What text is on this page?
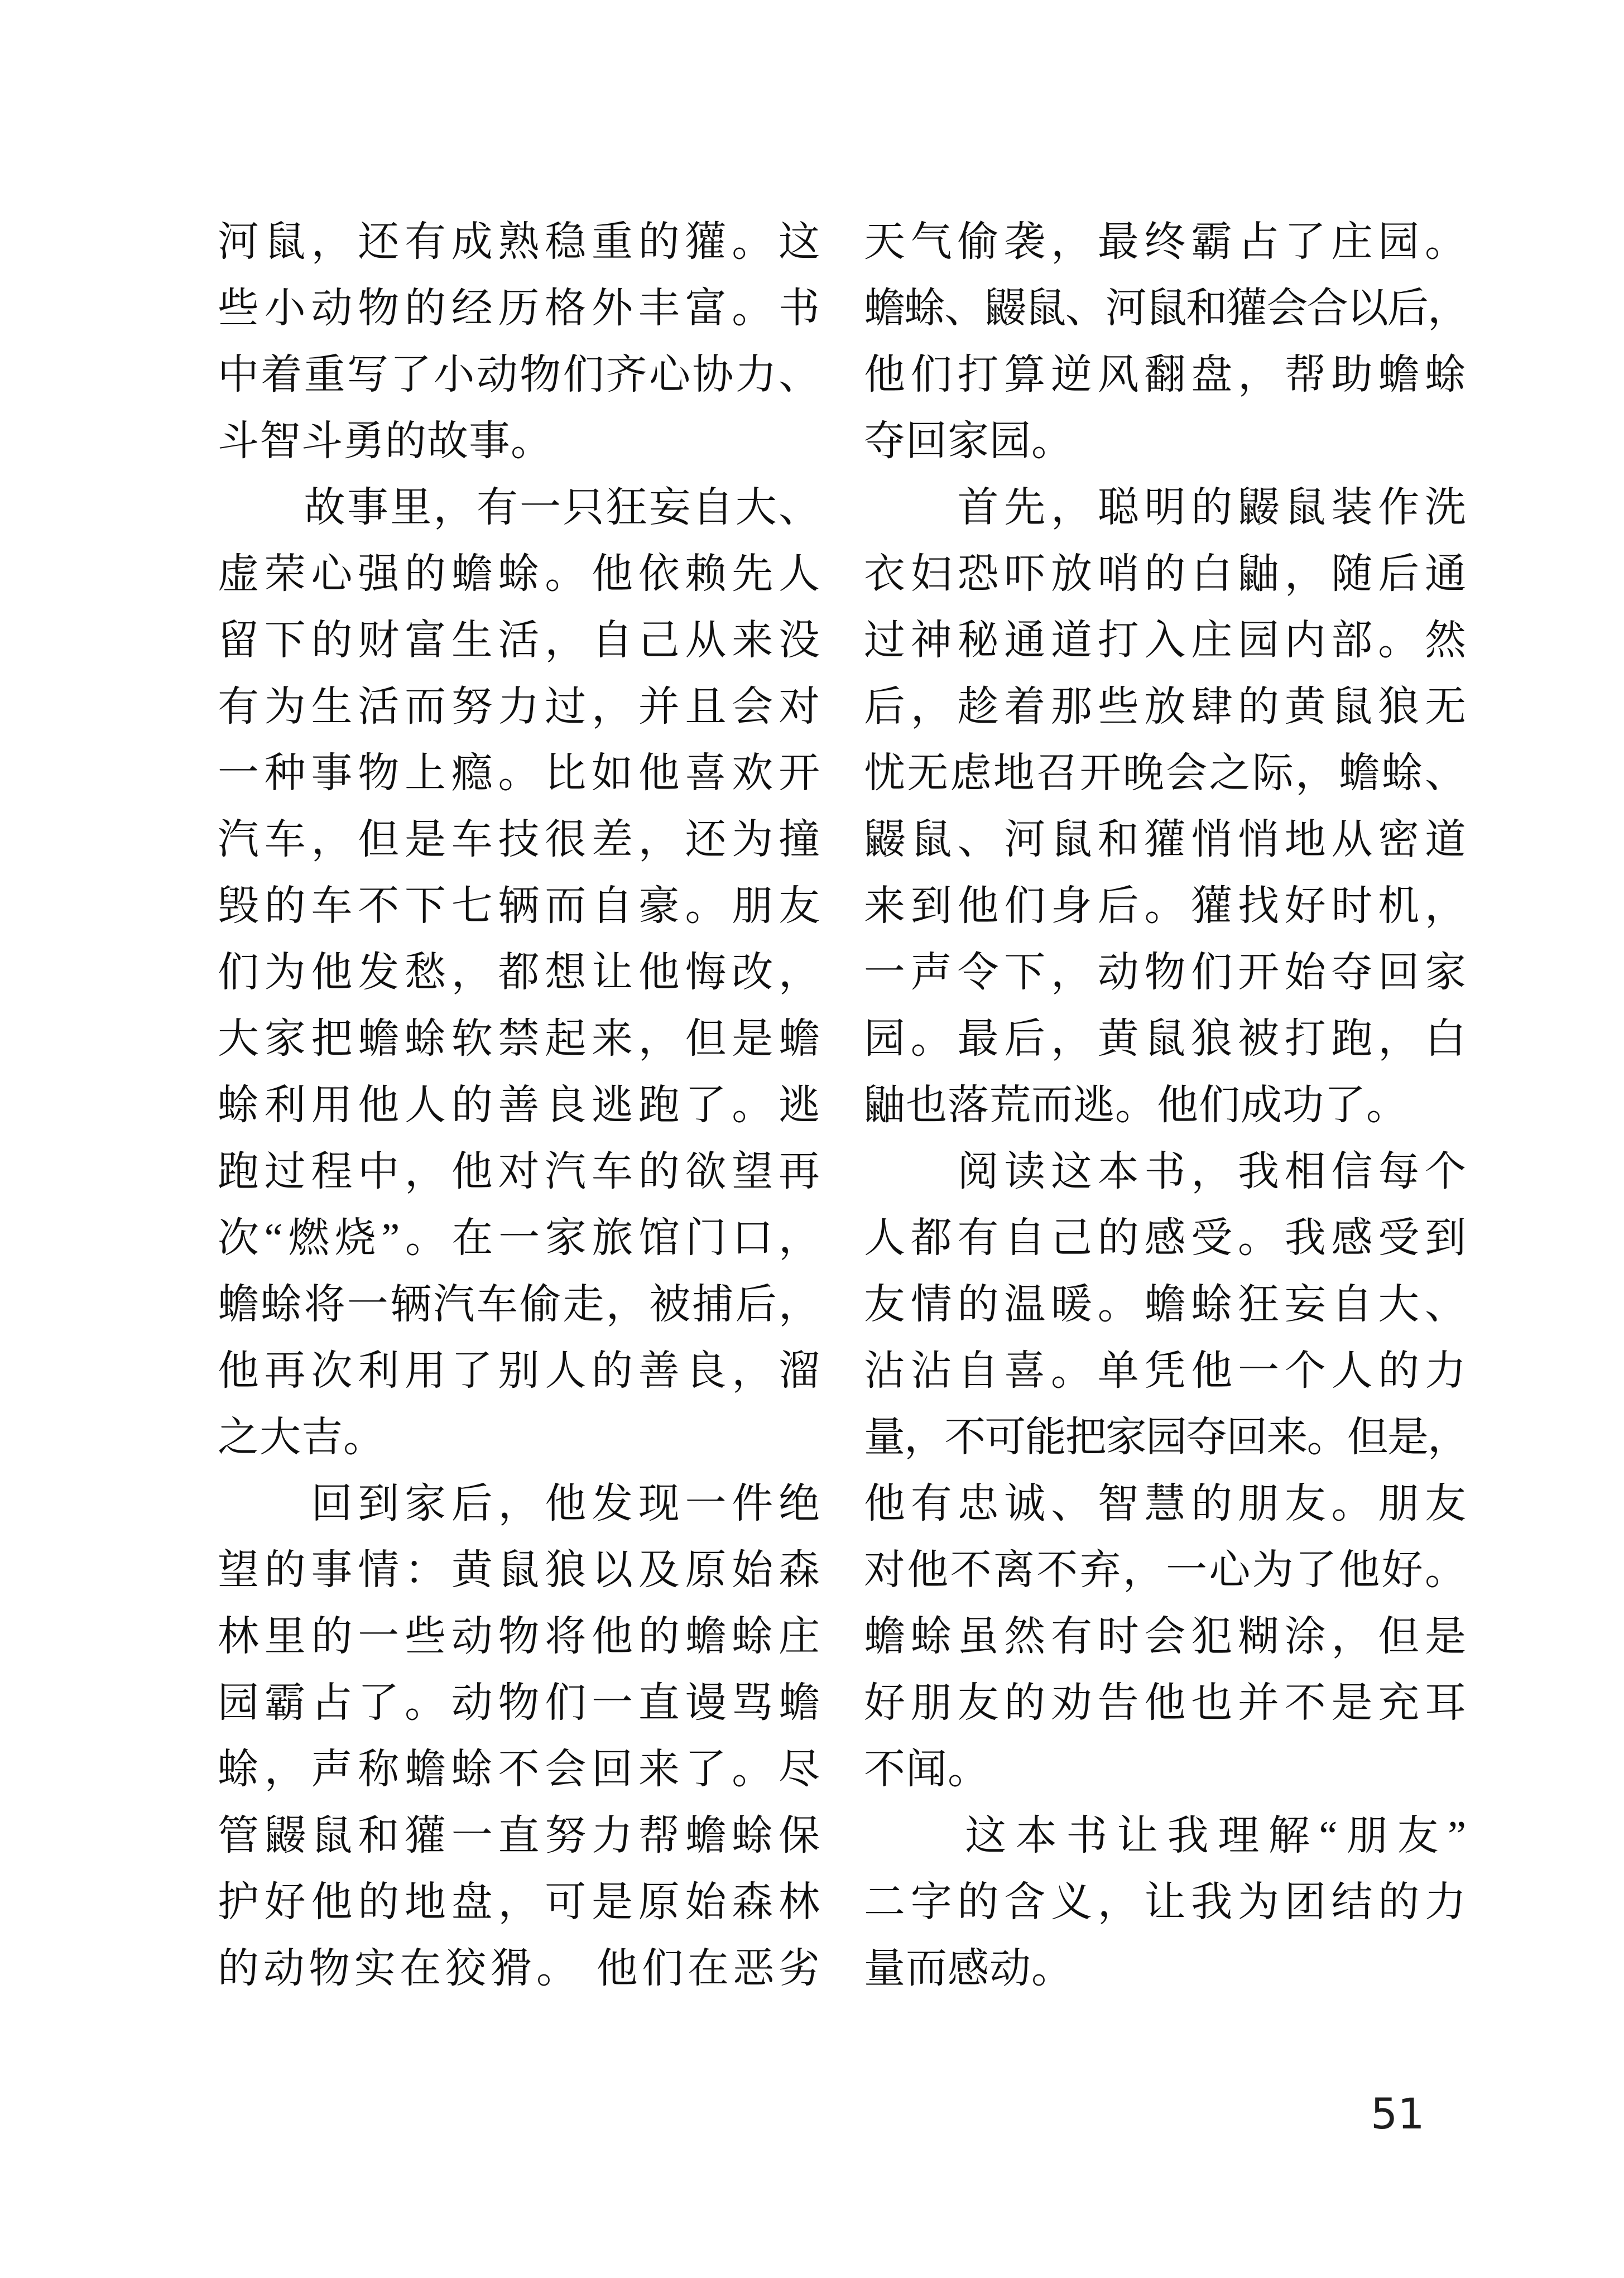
河鼠，还有成熟稳重的獾。这
些小动物的经历格外丰富。书
中着重写了小动物们齐心协力、
斗智斗勇的故事。
　　故事里，有一只狂妄自大、
虚荣心强的蟾蜍。他依赖先人
留下的财富生活，自己从来没
有为生活而努力过，并且会对
一种事物上瘾。比如他喜欢开
汽车，但是车技很差，还为撞
毁的车不下七辆而自豪。朋友
们为他发愁，都想让他悔改，
大家把蟾蜍软禁起来，但是蟾
蜍利用他人的善良逃跑了。逃
跑过程中，他对汽车的欲望再
次“燃烧”。在一家旅馆门口，
蟾蜍将一辆汽车偷走，被捕后，
他再次利用了别人的善良，溜
之大吉。
　　回到家后，他发现一件绝
望的事情：黄鼠狼以及原始森
林里的一些动物将他的蟾蜍庄
园霸占了。动物们一直谩骂蟾
蜍，声称蟾蜍不会回来了。尽
管鼹鼠和獾一直努力帮蟾蜍保
护好他的地盘，可是原始森林
的动物实在狡猾。 他们在恶劣
天气偷袭，最终霸占了庄园。
蟾蜍、鼹鼠、河鼠和獾会合以后，
他们打算逆风翻盘，帮助蟾蜍
夺回家园。
　　首先，聪明的鼹鼠装作洗
衣妇恐吓放哨的白鼬，随后通
过神秘通道打入庄园内部。然
后，趁着那些放肆的黄鼠狼无
忧无虑地召开晚会之际，蟾蜍、
鼹鼠、河鼠和獾悄悄地从密道
来到他们身后。獾找好时机，
一声令下，动物们开始夺回家
园。最后，黄鼠狼被打跑，白
鼬也落荒而逃。他们成功了。
　　阅读这本书，我相信每个
人都有自己的感受。我感受到
友情的温暖。蟾蜍狂妄自大、
沾沾自喜。单凭他一个人的力
量，不可能把家园夺回来。但是，
他有忠诚、智慧的朋友。朋友
对他不离不弃，一心为了他好。
蟾蜍虽然有时会犯糊涂，但是
好朋友的劝告他也并不是充耳
不闻。
　　这本书让我理解“朋友”
二字的含义，让我为团结的力
量而感动。
51
